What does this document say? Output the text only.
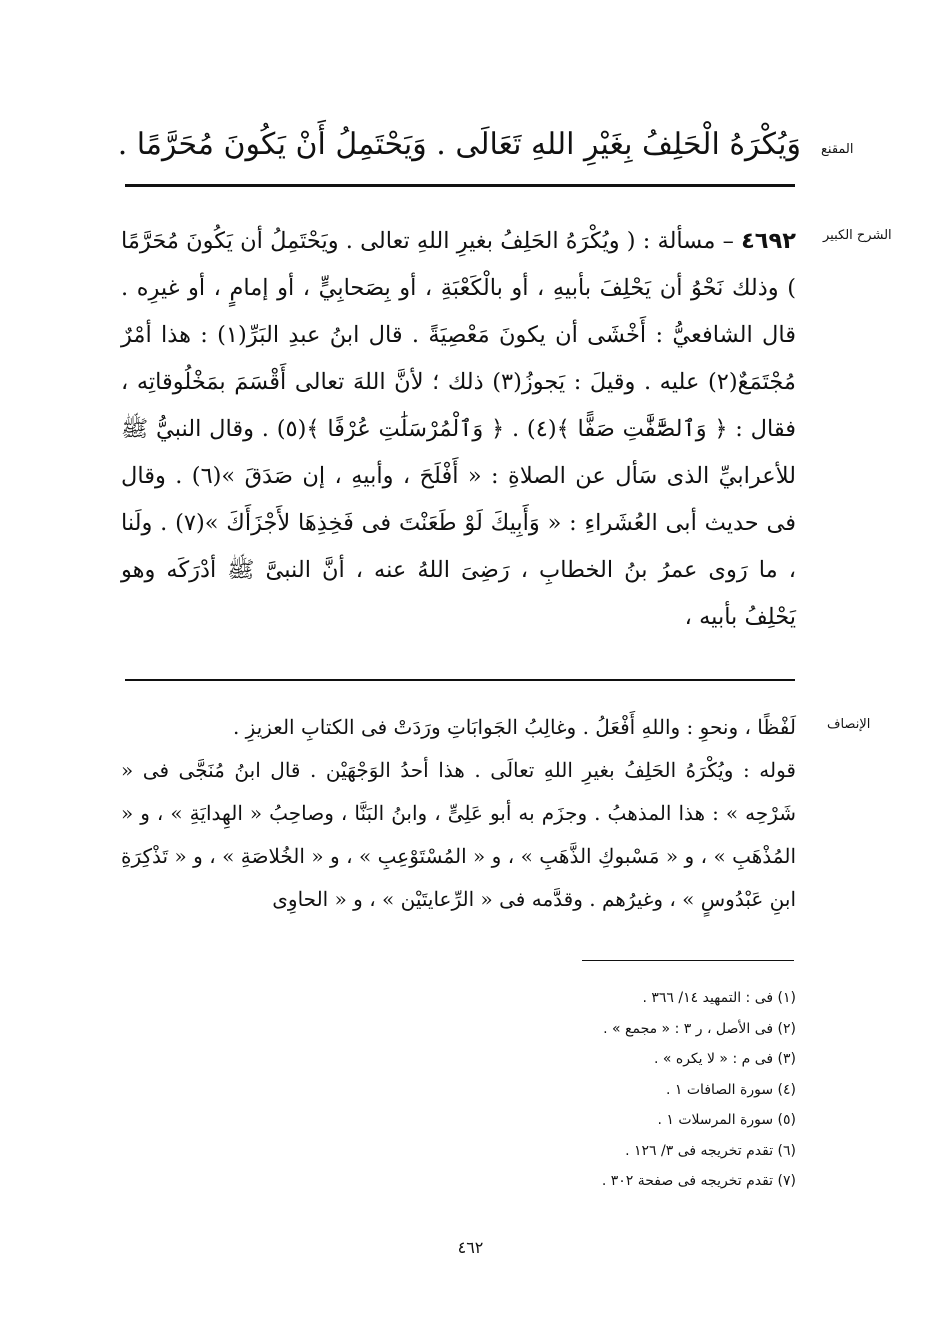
المقنع
وَيُكْرَهُ الْحَلِفُ بِغَيْرِ اللهِ تَعَالَى . وَيَحْتَمِلُ أَنْ يَكُونَ مُحَرَّمًا .
الشرح الكبير
٤٦٩٢ – مسألة : ( ويُكْرَهُ الحَلِفُ بغيرِ اللهِ تعالى . ويَحْتَمِلُ أن يَكُونَ مُحَرَّمًا ) وذلك نَحْوُ أن يَحْلِفَ بأبيهِ ، أو بالْكَعْبَةِ ، أو بِصَحابِيٍّ ، أو إمامٍ ، أو غيرِه . قال الشافعيُّ : أَخْشَى أن يكونَ مَعْصِيَةً . قال ابنُ عبدِ البَرِّ(١) : هذا أمْرٌ مُجْتَمَعٌ(٢) عليه . وقيلَ : يَجوزُ(٣) ذلك ؛ لأنَّ اللهَ تعالى أَقْسَمَ بمَخْلُوقاتِه ، فقال : ﴿ وَٱلصَّٰٓفَّٰتِ صَفًّا ﴾(٤) . ﴿ وَٱلْمُرْسَلَٰتِ عُرْفًا ﴾(٥) . وقال النبيُّ ﷺ للأعرابيِّ الذى سَأل عن الصلاةِ : « أَفْلَحَ ، وأبيهِ ، إن صَدَقَ »(٦) . وقال فى حديث أبى العُشَراءِ : « وَأَبِيكَ لَوْ طَعَنْتَ فى فَخِذِهَا لأَجْزَأَكَ »(٧) . ولَنا ، ما رَوى عمرُ بنُ الخطابِ ، رَضِىَ اللهُ عنه ، أنَّ النبىَّ ﷺ أدْرَكَه وهو يَحْلِفُ بأبيه ،
الإنصاف
لَفْظًا ، ونحوِ : واللهِ أَفْعَلُ . وغالِبُ الجَوابَاتِ ورَدَتْ فى الكتابِ العزيزِ .
قوله : ويُكْرَهُ الحَلِفُ بغيرِ اللهِ تعالَى . هذا أحدُ الوَجْهَيْن . قال ابنُ مُنَجَّى فى « شَرْحِه » : هذا المذهبُ . وجزَم به أبو عَلِىٍّ ، وابنُ البَنَّا ، وصاحِبُ « الهِدايَةِ » ، و « المُذْهَبِ » ، و « مَسْبوكِ الذَّهَبِ » ، و « المُسْتَوْعِبِ » ، و « الخُلاصَةِ » ، و « تَذْكِرَةِ ابنِ عَبْدُوسٍ » ، وغيرُهم . وقدَّمه فى « الرِّعايتَيْن » ، و « الحاوِى
(١) فى : التمهيد ١٤/ ٣٦٦ .
(٢) فى الأصل ، ر ٣ : « مجمع » .
(٣) فى م : « لا يكره » .
(٤) سورة الصافات ١ .
(٥) سورة المرسلات ١ .
(٦) تقدم تخريجه فى ٣/ ١٢٦ .
(٧) تقدم تخريجه فى صفحة ٣٠٢ .
٤٦٢
